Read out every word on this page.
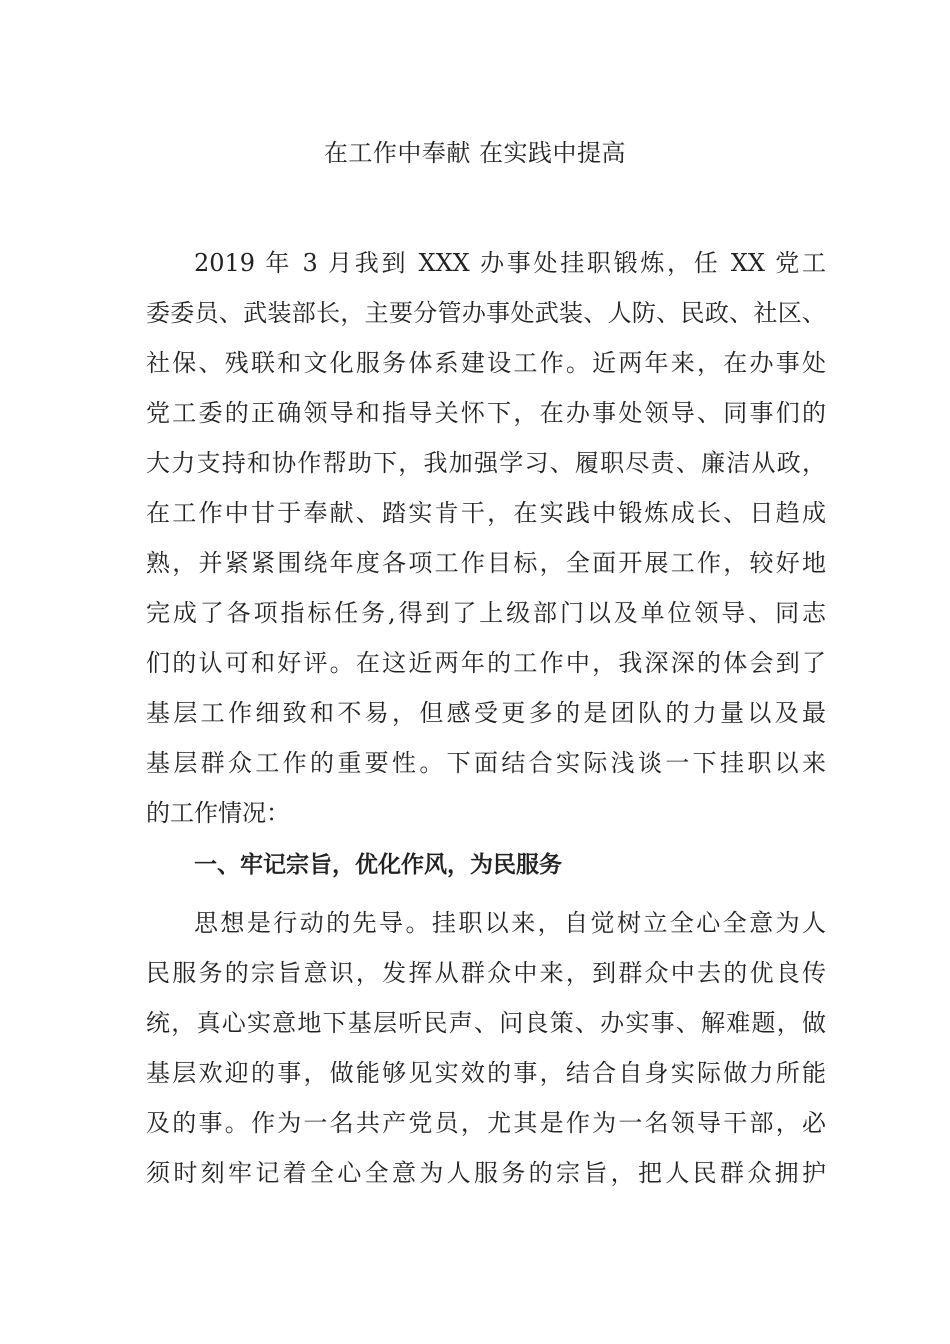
在工作中奉献 在实践中提高
2019 年 3 月我到 XXX 办事处挂职锻炼，任 XX 党工
委委员、武装部长，主要分管办事处武装、人防、民政、社区、
社保、残联和文化服务体系建设工作。近两年来，在办事处
党工委的正确领导和指导关怀下，在办事处领导、同事们的
大力支持和协作帮助下，我加强学习、履职尽责、廉洁从政，
在工作中甘于奉献、踏实肯干，在实践中锻炼成长、日趋成
熟，并紧紧围绕年度各项工作目标，全面开展工作，较好地
完成了各项指标任务,得到了上级部门以及单位领导、同志
们的认可和好评。在这近两年的工作中，我深深的体会到了
基层工作细致和不易，但感受更多的是团队的力量以及最
基层群众工作的重要性。下面结合实际浅谈一下挂职以来
的工作情况：
一、牢记宗旨，优化作风，为民服务
思想是行动的先导。挂职以来，自觉树立全心全意为人
民服务的宗旨意识，发挥从群众中来，到群众中去的优良传
统，真心实意地下基层听民声、问良策、办实事、解难题，做
基层欢迎的事，做能够见实效的事，结合自身实际做力所能
及的事。作为一名共产党员，尤其是作为一名领导干部，必
须时刻牢记着全心全意为人服务的宗旨，把人民群众拥护
